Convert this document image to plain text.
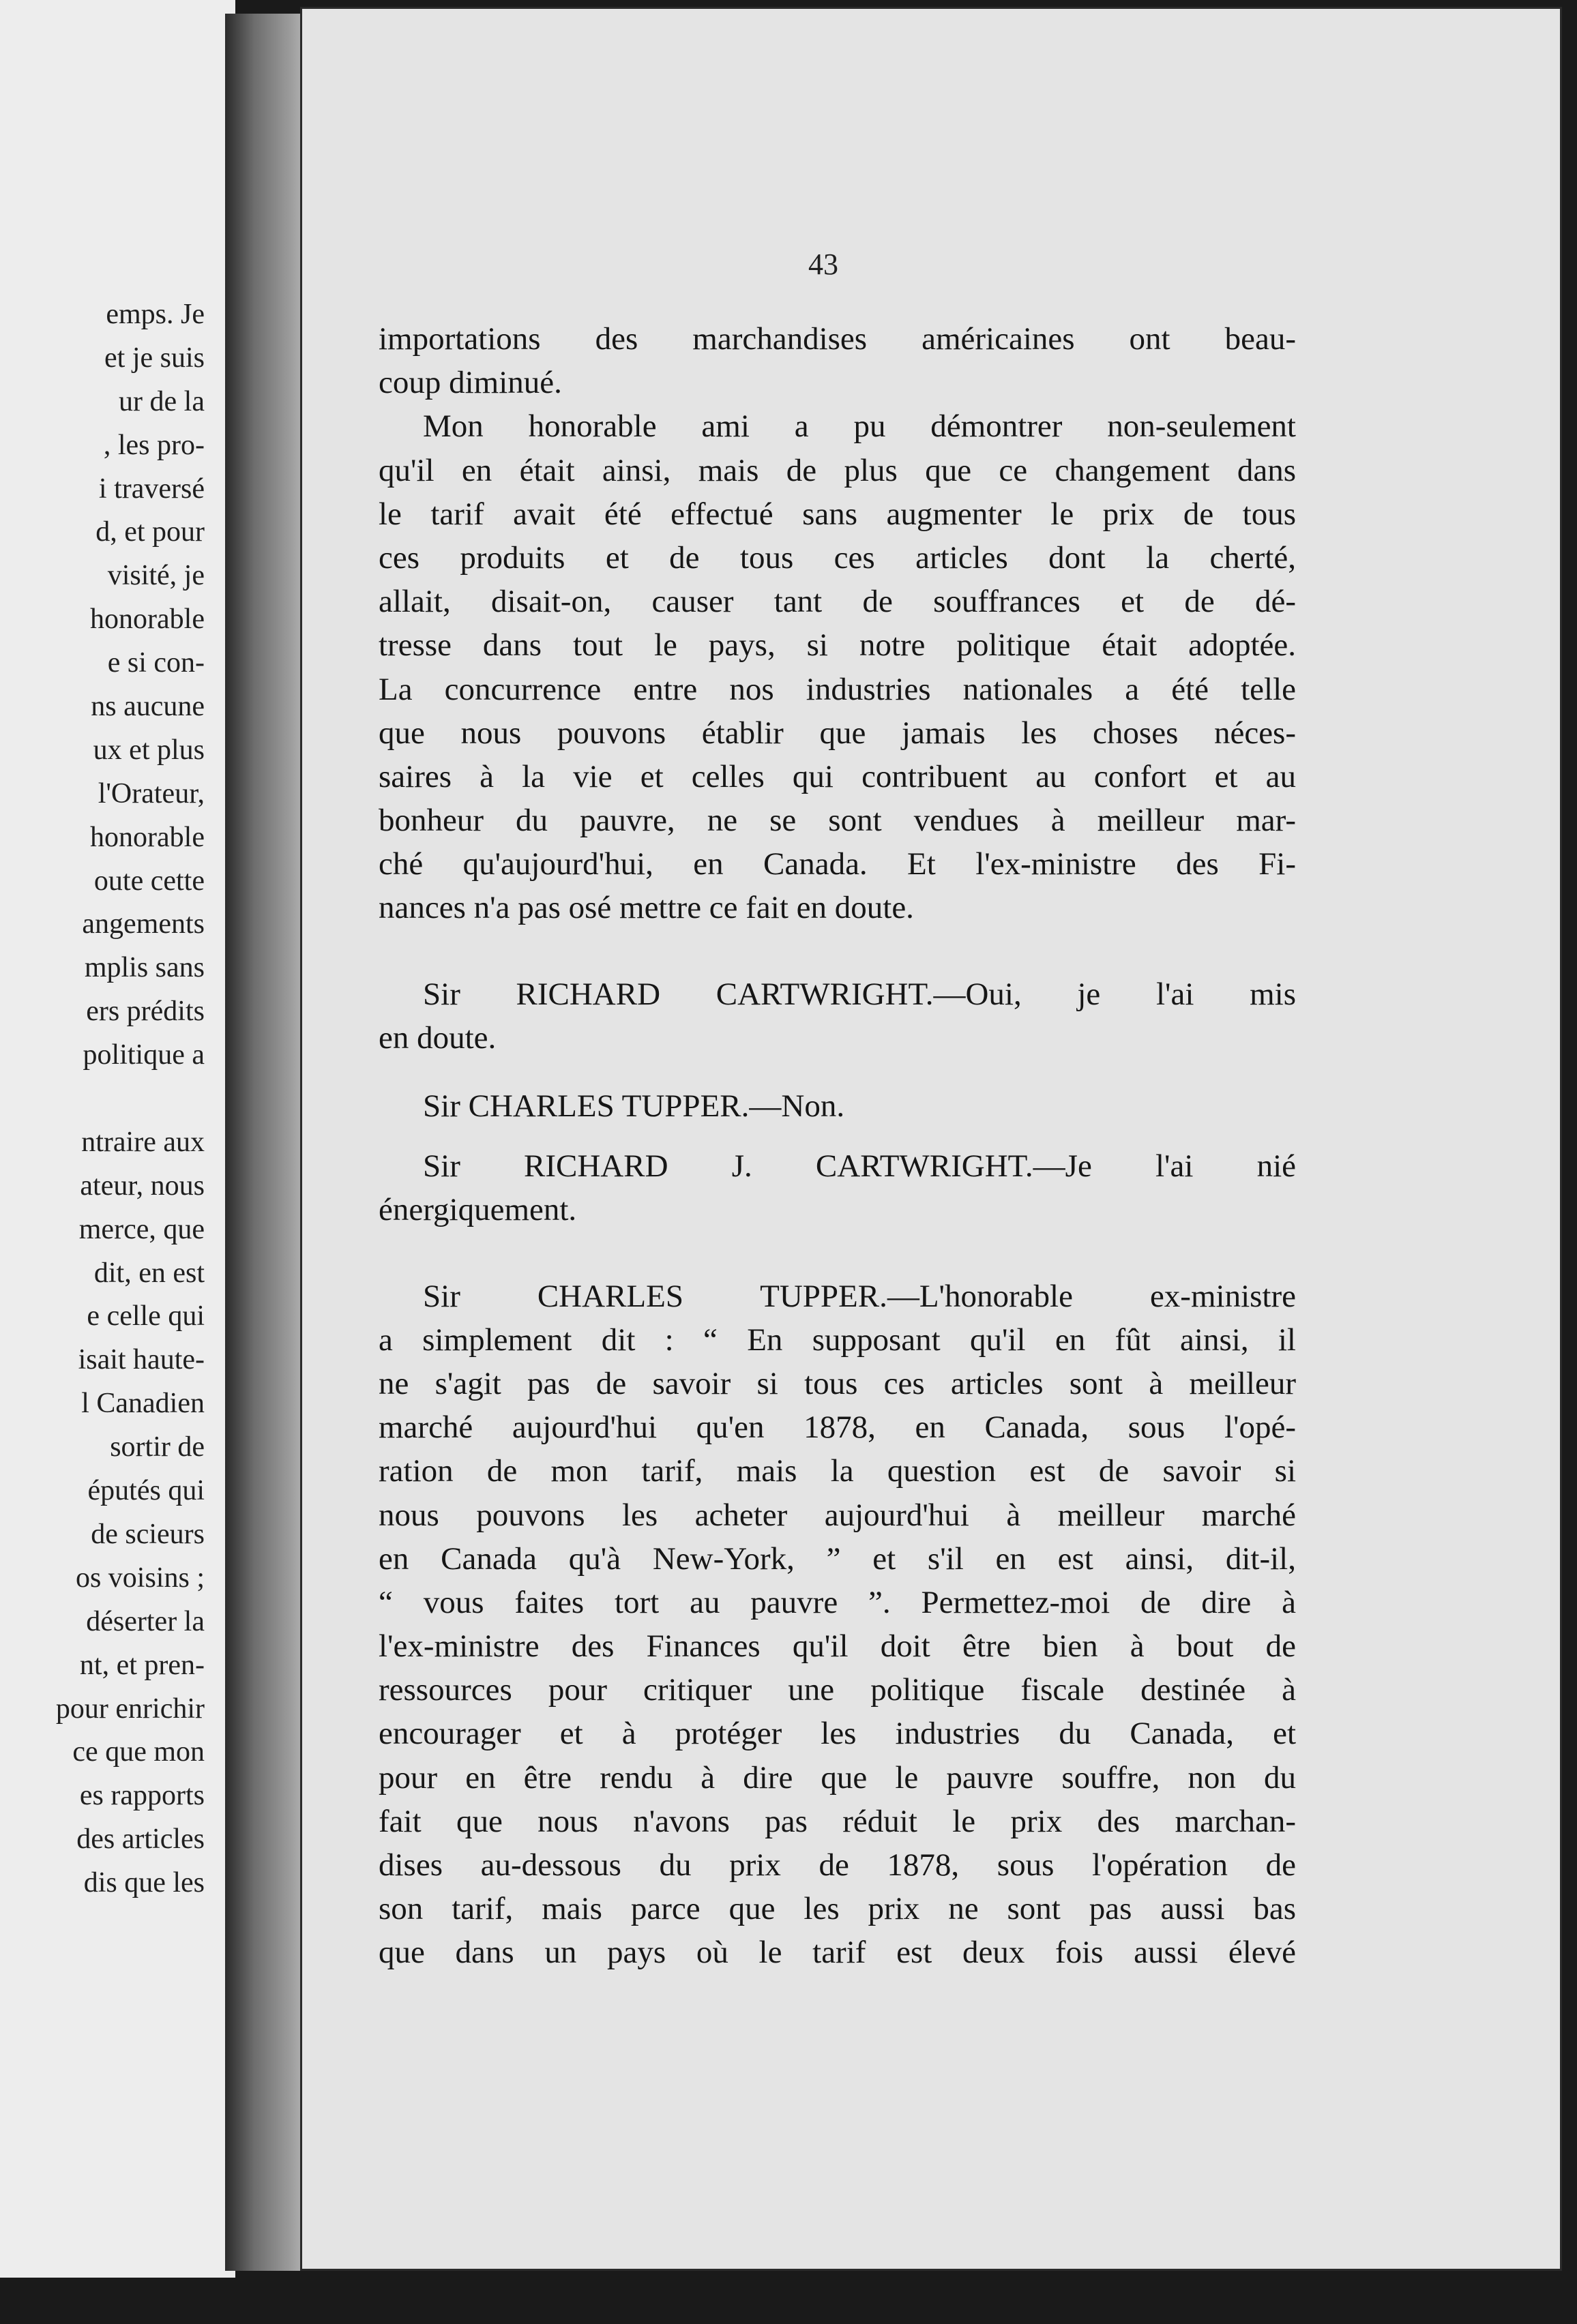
emps. Je
et je suis
ur de la
, les pro-
i traversé
d, et pour
visité, je
honorable
e si con-
ns aucune
ux et plus
l'Orateur,
honorable
oute cette
angements
mplis sans
ers prédits
politique a
ntraire aux
ateur, nous
merce, que
dit, en est
e celle qui
isait haute-
l Canadien
sortir de
éputés qui
de scieurs
os voisins ;
déserter la
nt, et pren-
pour enrichir
ce que mon
es rapports
des articles
dis que les
43
importations des marchandises américaines ont beau-
coup diminué.
Mon honorable ami a pu démontrer non-seulement
qu'il en était ainsi, mais de plus que ce changement dans
le tarif avait été effectué sans augmenter le prix de tous
ces produits et de tous ces articles dont la cherté,
allait, disait-on, causer tant de souffrances et de dé-
tresse dans tout le pays, si notre politique était adoptée.
La concurrence entre nos industries nationales a été telle
que nous pouvons établir que jamais les choses néces-
saires à la vie et celles qui contribuent au confort et au
bonheur du pauvre, ne se sont vendues à meilleur mar-
ché qu'aujourd'hui, en Canada. Et l'ex-ministre des Fi-
nances n'a pas osé mettre ce fait en doute.
Sir RICHARD CARTWRIGHT.—Oui, je l'ai mis
en doute.
Sir CHARLES TUPPER.—Non.
Sir RICHARD J. CARTWRIGHT.—Je l'ai nié
énergiquement.
Sir CHARLES TUPPER.—L'honorable ex-ministre
a simplement dit : “ En supposant qu'il en fût ainsi, il
ne s'agit pas de savoir si tous ces articles sont à meilleur
marché aujourd'hui qu'en 1878, en Canada, sous l'opé-
ration de mon tarif, mais la question est de savoir si
nous pouvons les acheter aujourd'hui à meilleur marché
en Canada qu'à New-York, ” et s'il en est ainsi, dit-il,
“ vous faites tort au pauvre ”. Permettez-moi de dire à
l'ex-ministre des Finances qu'il doit être bien à bout de
ressources pour critiquer une politique fiscale destinée à
encourager et à protéger les industries du Canada, et
pour en être rendu à dire que le pauvre souffre, non du
fait que nous n'avons pas réduit le prix des marchan-
dises au-dessous du prix de 1878, sous l'opération de
son tarif, mais parce que les prix ne sont pas aussi bas
que dans un pays où le tarif est deux fois aussi élevé
